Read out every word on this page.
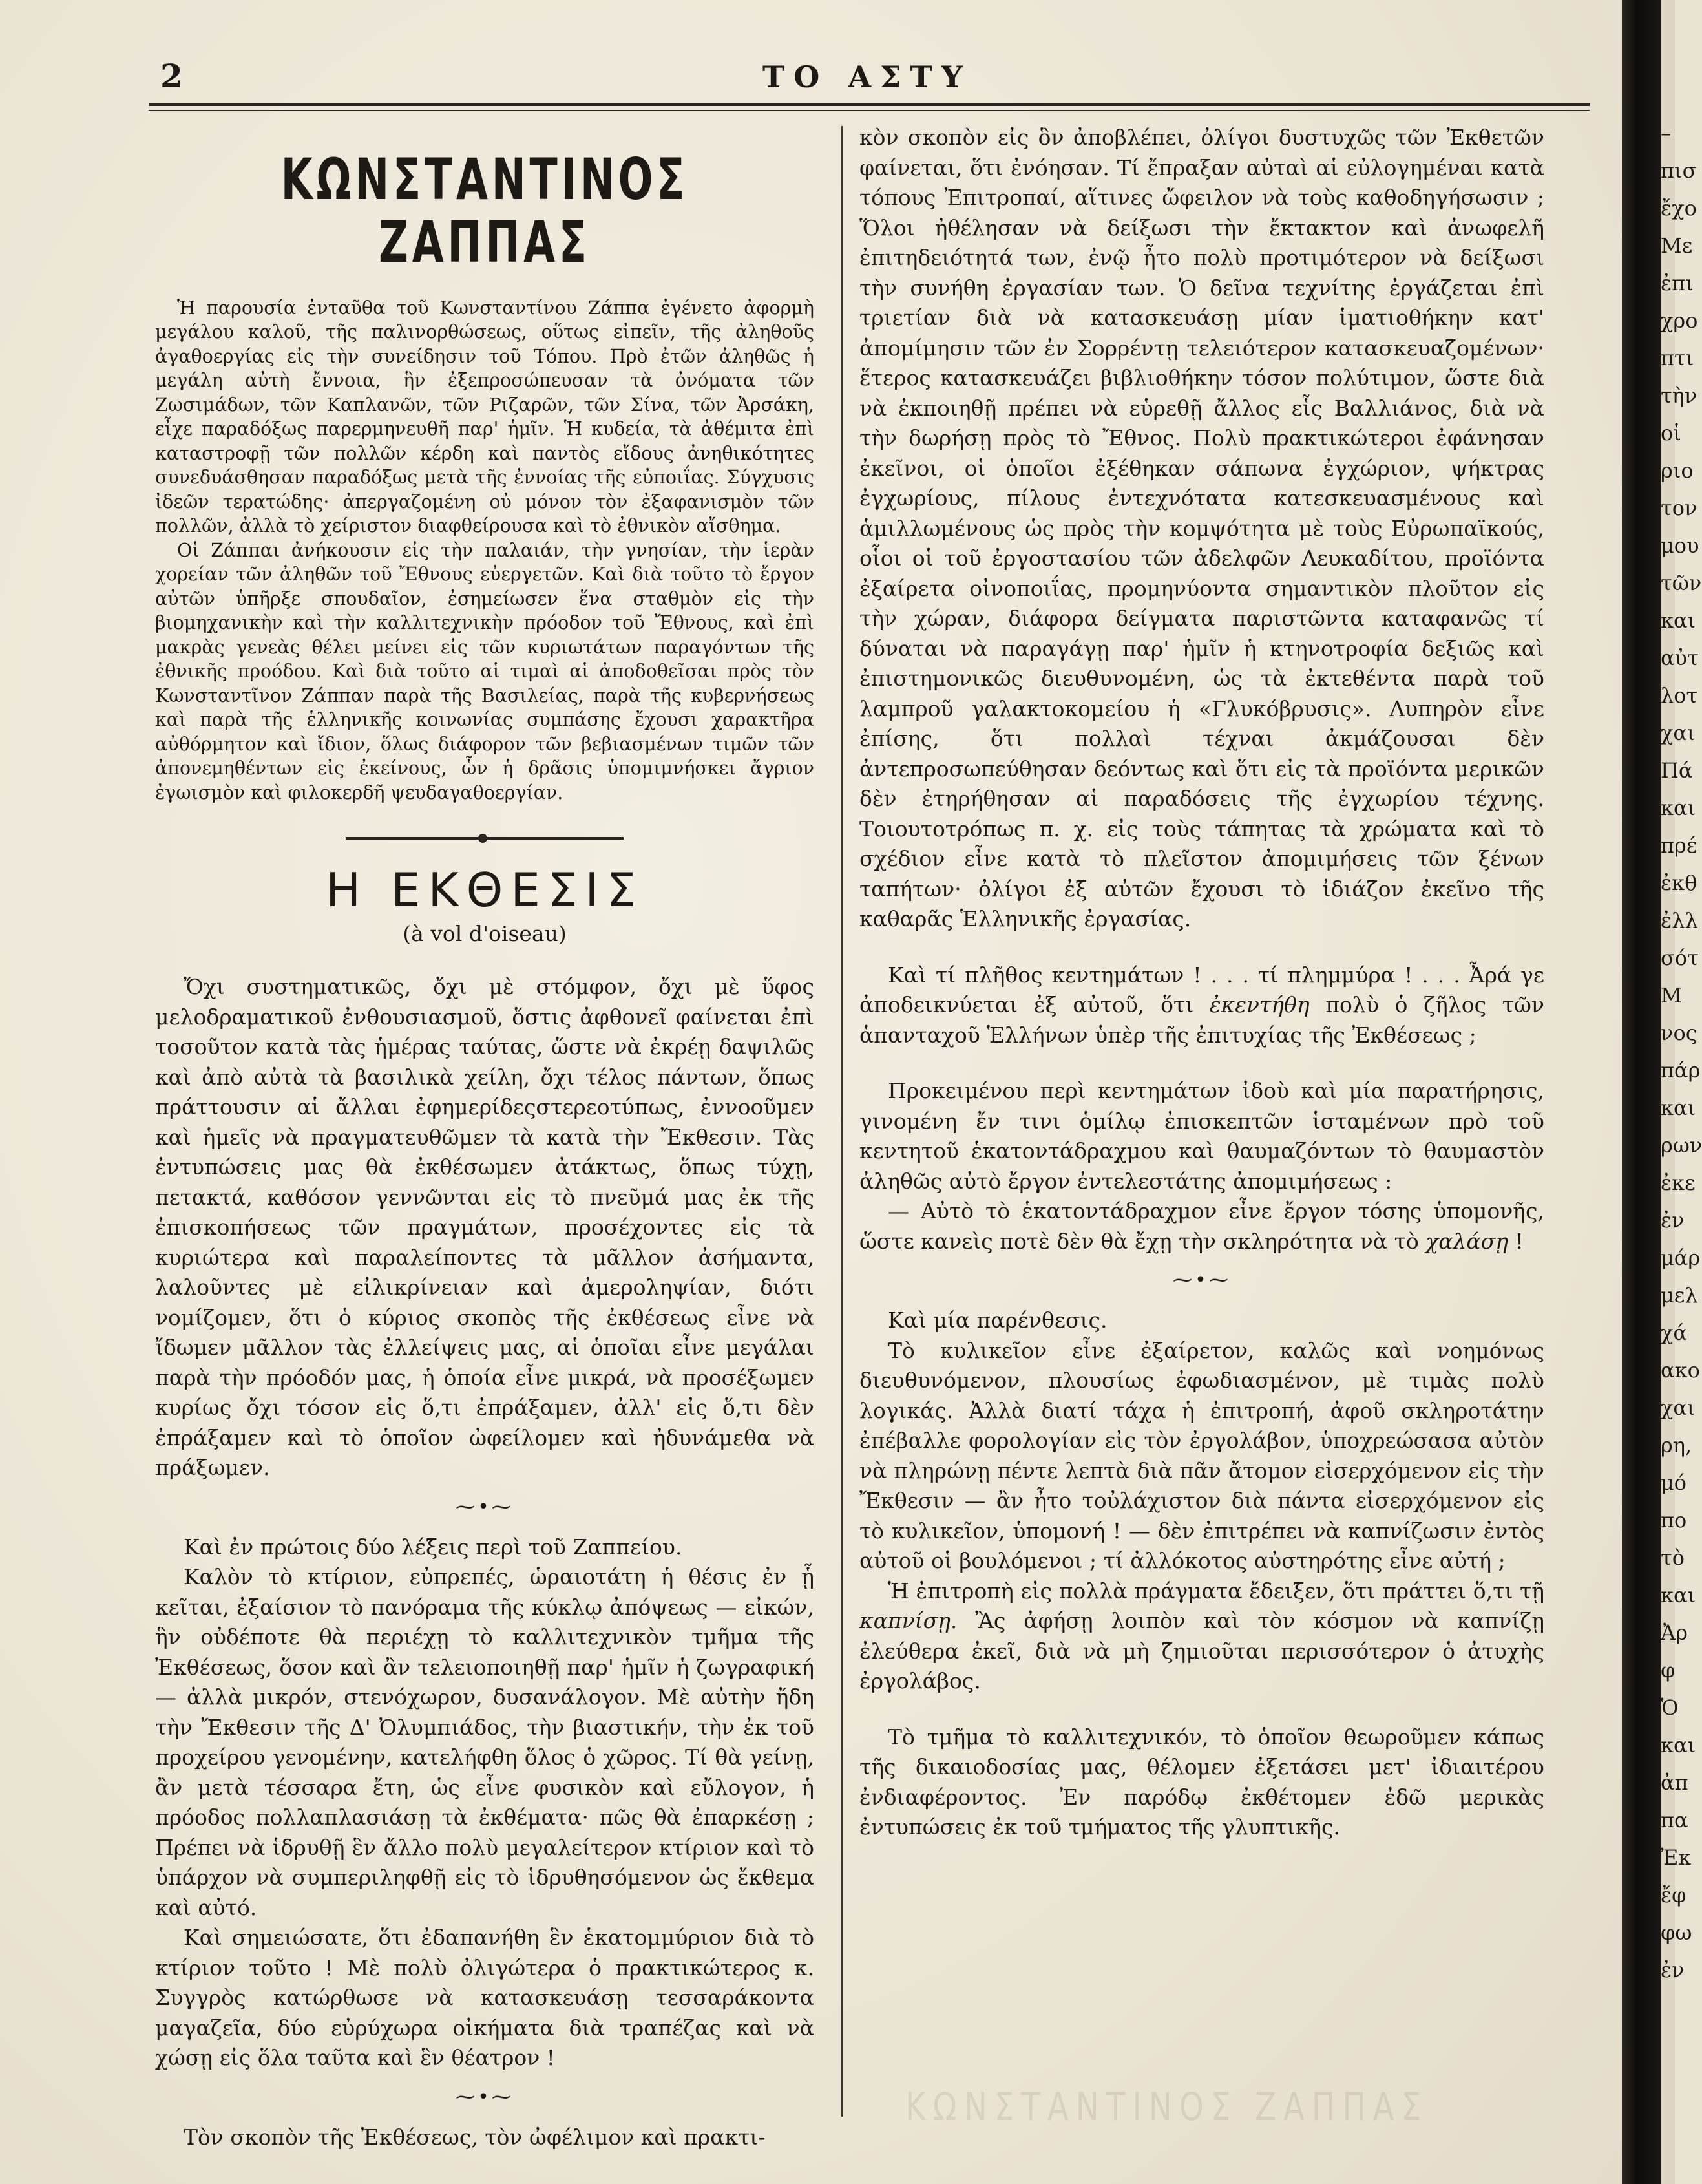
2	ΤΟ ΑΣΤΥ
ΚΩΝΣΤΑΝΤΙΝΟΣ ΖΑΠΠΑΣ

Ἡ παρουσία ἐνταῦθα τοῦ Κωνσταντίνου Ζάππα ἐγένετο ἀφορμὴ μεγάλου καλοῦ, τῆς παλινορθώσεως, οὕτως εἰπεῖν, τῆς ἀληθοῦς ἀγαθοεργίας εἰς τὴν συνείδησιν τοῦ Τόπου. Πρὸ ἐτῶν ἀληθῶς ἡ μεγάλη αὐτὴ ἔννοια, ἣν ἐξεπροσώπευσαν τὰ ὀνόματα τῶν Ζωσιμάδων, τῶν Καπλανῶν, τῶν Ριζαρῶν, τῶν Σίνα, τῶν Ἀρσάκη, εἶχε παραδόξως παρερμηνευθῆ παρ' ἡμῖν. Ἡ κυδεία, τὰ ἀθέμιτα ἐπὶ καταστροφῇ τῶν πολλῶν κέρδη καὶ παντὸς εἴδους ἀνηθικότητες συνεδυάσθησαν παραδόξως μετὰ τῆς ἐννοίας τῆς εὐποιΐας. Σύγχυσις ἰδεῶν τερατώδης· ἀπεργαζομένη οὐ μόνον τὸν ἐξαφανισμὸν τῶν πολλῶν, ἀλλὰ τὸ χείριστον διαφθείρουσα καὶ τὸ ἐθνικὸν αἴσθημα.

Οἱ Ζάππαι ἀνήκουσιν εἰς τὴν παλαιάν, τὴν γνησίαν, τὴν ἱερὰν χορείαν τῶν ἀληθῶν τοῦ Ἔθνους εὐεργετῶν. Καὶ διὰ τοῦτο τὸ ἔργον αὐτῶν ὑπῆρξε σπουδαῖον, ἐσημείωσεν ἕνα σταθμὸν εἰς τὴν βιομηχανικὴν καὶ τὴν καλλιτεχνικὴν πρόοδον τοῦ Ἔθνους, καὶ ἐπὶ μακρὰς γενεὰς θέλει μείνει εἰς τῶν κυριωτάτων παραγόντων τῆς ἐθνικῆς προόδου. Καὶ διὰ τοῦτο αἱ τιμαὶ αἱ ἀποδοθεῖσαι πρὸς τὸν Κωνσταντῖνον Ζάππαν παρὰ τῆς Βασιλείας, παρὰ τῆς κυβερνήσεως καὶ παρὰ τῆς ἑλληνικῆς κοινωνίας συμπάσης ἔχουσι χαρακτῆρα αὐθόρμητον καὶ ἴδιον, ὅλως διάφορον τῶν βεβιασμένων τιμῶν τῶν ἀπονεμηθέντων εἰς ἐκείνους, ὧν ἡ δρᾶσις ὑπομιμνήσκει ἄγριον ἐγωισμὸν καὶ φιλοκερδῆ ψευδαγαθοεργίαν.

Η ΕΚΘΕΣΙΣ
(à vol d'oiseau)

Ὄχι συστηματικῶς, ὄχι μὲ στόμφον, ὄχι μὲ ὕφος μελοδραματικοῦ ἐνθουσιασμοῦ, ὅστις ἀφθονεῖ φαίνεται ἐπὶ τοσοῦτον κατὰ τὰς ἡμέρας ταύτας, ὥστε νὰ ἐκρέῃ δαψιλῶς καὶ ἀπὸ αὐτὰ τὰ βασιλικὰ χείλη, ὄχι τέλος πάντων, ὅπως πράττουσιν αἱ ἄλλαι ἐφημερίδεςστερεοτύπως, ἐννοοῦμεν καὶ ἡμεῖς νὰ πραγματευθῶμεν τὰ κατὰ τὴν Ἔκθεσιν. Τὰς ἐντυπώσεις μας θὰ ἐκθέσωμεν ἀτάκτως, ὅπως τύχῃ, πετακτά, καθόσον γεννῶνται εἰς τὸ πνεῦμά μας ἐκ τῆς ἐπισκοπήσεως τῶν πραγμάτων, προσέχοντες εἰς τὰ κυριώτερα καὶ παραλείποντες τὰ μᾶλλον ἀσήμαντα, λαλοῦντες μὲ εἰλικρίνειαν καὶ ἀμεροληψίαν, διότι νομίζομεν, ὅτι ὁ κύριος σκοπὸς τῆς ἐκθέσεως εἶνε νὰ ἴδωμεν μᾶλλον τὰς ἐλλείψεις μας, αἱ ὁποῖαι εἶνε μεγάλαι παρὰ τὴν πρόοδόν μας, ἡ ὁποία εἶνε μικρά, νὰ προσέξωμεν κυρίως ὄχι τόσον εἰς ὅ,τι ἐπράξαμεν, ἀλλ' εἰς ὅ,τι δὲν ἐπράξαμεν καὶ τὸ ὁποῖον ὠφείλομεν καὶ ἠδυνάμεθα νὰ πράξωμεν.

⁓•⁓

Καὶ ἐν πρώτοις δύο λέξεις περὶ τοῦ Ζαππείου.

Καλὸν τὸ κτίριον, εὐπρεπές, ὡραιοτάτη ἡ θέσις ἐν ᾗ κεῖται, ἐξαίσιον τὸ πανόραμα τῆς κύκλῳ ἀπόψεως — εἰκών, ἣν οὐδέποτε θὰ περιέχῃ τὸ καλλιτεχνικὸν τμῆμα τῆς Ἐκθέσεως, ὅσον καὶ ἂν τελειοποιηθῇ παρ' ἡμῖν ἡ ζωγραφική — ἀλλὰ μικρόν, στενόχωρον, δυσανάλογον. Μὲ αὐτὴν ἤδη τὴν Ἔκθεσιν τῆς Δ' Ὀλυμπιάδος, τὴν βιαστικήν, τὴν ἐκ τοῦ προχείρου γενομένην, κατελήφθη ὅλος ὁ χῶρος. Τί θὰ γείνῃ, ἂν μετὰ τέσσαρα ἔτη, ὡς εἶνε φυσικὸν καὶ εὔλογον, ἡ πρόοδος πολλαπλασιάσῃ τὰ ἐκθέματα· πῶς θὰ ἐπαρκέσῃ ; Πρέπει νὰ ἱδρυθῇ ἓν ἄλλο πολὺ μεγαλείτερον κτίριον καὶ τὸ ὑπάρχον νὰ συμπεριληφθῇ εἰς τὸ ἱδρυθησόμενον ὡς ἔκθεμα καὶ αὐτό.

Καὶ σημειώσατε, ὅτι ἐδαπανήθη ἓν ἑκατομμύριον διὰ τὸ κτίριον τοῦτο ! Μὲ πολὺ ὀλιγώτερα ὁ πρακτικώτερος κ. Συγγρὸς κατώρθωσε νὰ κατασκευάσῃ τεσσαράκοντα μαγαζεῖα, δύο εὐρύχωρα οἰκήματα διὰ τραπέζας καὶ νὰ χώσῃ εἰς ὅλα ταῦτα καὶ ἓν θέατρον !

⁓•⁓

Τὸν σκοπὸν τῆς Ἐκθέσεως, τὸν ὠφέλιμον καὶ πρακτι-

κὸν σκοπὸν εἰς ὃν ἀποβλέπει, ὀλίγοι δυστυχῶς τῶν Ἐκθετῶν φαίνεται, ὅτι ἐνόησαν. Τί ἔπραξαν αὐταὶ αἱ εὐλογημέναι κατὰ τόπους Ἐπιτροπαί, αἵτινες ὤφειλον νὰ τοὺς καθοδηγήσωσιν ; Ὅλοι ἠθέλησαν νὰ δείξωσι τὴν ἔκτακτον καὶ ἀνωφελῆ ἐπιτηδειότητά των, ἐνῷ ἦτο πολὺ προτιμότερον νὰ δείξωσι τὴν συνήθη ἐργασίαν των. Ὁ δεῖνα τεχνίτης ἐργάζεται ἐπὶ τριετίαν διὰ νὰ κατασκευάσῃ μίαν ἱματιοθήκην κατ' ἀπομίμησιν τῶν ἐν Σορρέντῃ τελειότερον κατασκευαζομένων· ἕτερος κατασκευάζει βιβλιοθήκην τόσον πολύτιμον, ὥστε διὰ νὰ ἐκποιηθῇ πρέπει νὰ εὑρεθῇ ἄλλος εἷς Βαλλιάνος, διὰ νὰ τὴν δωρήσῃ πρὸς τὸ Ἔθνος. Πολὺ πρακτικώτεροι ἐφάνησαν ἐκεῖνοι, οἱ ὁποῖοι ἐξέθηκαν σάπωνα ἐγχώριον, ψήκτρας ἐγχωρίους, πίλους ἐντεχνότατα κατεσκευασμένους καὶ ἁμιλλωμένους ὡς πρὸς τὴν κομψότητα μὲ τοὺς Εὐρωπαϊκούς, οἷοι οἱ τοῦ ἐργοστασίου τῶν ἀδελφῶν Λευκαδίτου, προϊόντα ἐξαίρετα οἰνοποιΐας, προμηνύοντα σημαντικὸν πλοῦτον εἰς τὴν χώραν, διάφορα δείγματα παριστῶντα καταφανῶς τί δύναται νὰ παραγάγῃ παρ' ἡμῖν ἡ κτηνοτροφία δεξιῶς καὶ ἐπιστημονικῶς διευθυνομένη, ὡς τὰ ἐκτεθέντα παρὰ τοῦ λαμπροῦ γαλακτοκομείου ἡ «Γλυκόβρυσις». Λυπηρὸν εἶνε ἐπίσης, ὅτι πολλαὶ τέχναι ἀκμάζουσαι δὲν ἀντεπροσωπεύθησαν δεόντως καὶ ὅτι εἰς τὰ προϊόντα μερικῶν δὲν ἐτηρήθησαν αἱ παραδόσεις τῆς ἐγχωρίου τέχνης. Τοιουτοτρόπως π. χ. εἰς τοὺς τάπητας τὰ χρώματα καὶ τὸ σχέδιον εἶνε κατὰ τὸ πλεῖστον ἀπομιμήσεις τῶν ξένων ταπήτων· ὀλίγοι ἐξ αὐτῶν ἔχουσι τὸ ἰδιάζον ἐκεῖνο τῆς καθαρᾶς Ἑλληνικῆς ἐργασίας.

Καὶ τί πλῆθος κεντημάτων ! . . . τί πλημμύρα ! . . . Ἆρά γε ἀποδεικνύεται ἐξ αὐτοῦ, ὅτι ἐκεντήθη πολὺ ὁ ζῆλος τῶν ἁπανταχοῦ Ἑλλήνων ὑπὲρ τῆς ἐπιτυχίας τῆς Ἐκθέσεως ;

Προκειμένου περὶ κεντημάτων ἰδοὺ καὶ μία παρατήρησις, γινομένη ἔν τινι ὁμίλῳ ἐπισκεπτῶν ἱσταμένων πρὸ τοῦ κεντητοῦ ἑκατοντάδραχμου καὶ θαυμαζόντων τὸ θαυμαστὸν ἀληθῶς αὐτὸ ἔργον ἐντελεστάτης ἀπομιμήσεως :

— Αὐτὸ τὸ ἑκατοντάδραχμον εἶνε ἔργον τόσης ὑπομονῆς, ὥστε κανεὶς ποτὲ δὲν θὰ ἔχῃ τὴν σκληρότητα νὰ τὸ χαλάσῃ !

⁓•⁓

Καὶ μία παρένθεσις.

Τὸ κυλικεῖον εἶνε ἐξαίρετον, καλῶς καὶ νοημόνως διευθυνόμενον, πλουσίως ἐφωδιασμένον, μὲ τιμὰς πολὺ λογικάς. Ἀλλὰ διατί τάχα ἡ ἐπιτροπή, ἀφοῦ σκληροτάτην ἐπέβαλλε φορολογίαν εἰς τὸν ἐργολάβον, ὑποχρεώσασα αὐτὸν νὰ πληρώνῃ πέντε λεπτὰ διὰ πᾶν ἄτομον εἰσερχόμενον εἰς τὴν Ἔκθεσιν — ἂν ἦτο τοὐλάχιστον διὰ πάντα εἰσερχόμενον εἰς τὸ κυλικεῖον, ὑπομονή ! — δὲν ἐπιτρέπει νὰ καπνίζωσιν ἐντὸς αὐτοῦ οἱ βουλόμενοι ; τί ἀλλόκοτος αὐστηρότης εἶνε αὐτή ;

Ἡ ἐπιτροπὴ εἰς πολλὰ πράγματα ἔδειξεν, ὅτι πράττει ὅ,τι τῇ καπνίσῃ. Ἂς ἀφήσῃ λοιπὸν καὶ τὸν κόσμον νὰ καπνίζῃ ἐλεύθερα ἐκεῖ, διὰ νὰ μὴ ζημιοῦται περισσότερον ὁ ἀτυχὴς ἐργολάβος.

Τὸ τμῆμα τὸ καλλιτεχνικόν, τὸ ὁποῖον θεωροῦμεν κάπως τῆς δικαιοδοσίας μας, θέλομεν ἐξετάσει μετ' ἰδιαιτέρου ἐνδιαφέροντος. Ἐν παρόδῳ ἐκθέτομεν ἐδῶ μερικὰς ἐντυπώσεις ἐκ τοῦ τμήματος τῆς γλυπτικῆς.

ΚΩΝΣΤΑΝΤΙΝΟΣ ΖΑΠΠΑΣ
–
πισ
ἔχο
Με
ἐπι
χρο
πτι
τὴν
οἱ
ριο
τον
μου
τῶν
και
αὐτ
λοτ
χαι
Πά
και
πρέ
ἐκθ
ἐλλ
σότ
Μ
νος
πάρ
και
ρων
ἐκε
ἐν
μάρ
μελ
χά
ακο
χαι
ρη,
μό
πο
τὸ
και
Ἀρ
φ
Ὁ
και
ἀπ
πα
Ἐκ
ἔφ
φω
ἐν
